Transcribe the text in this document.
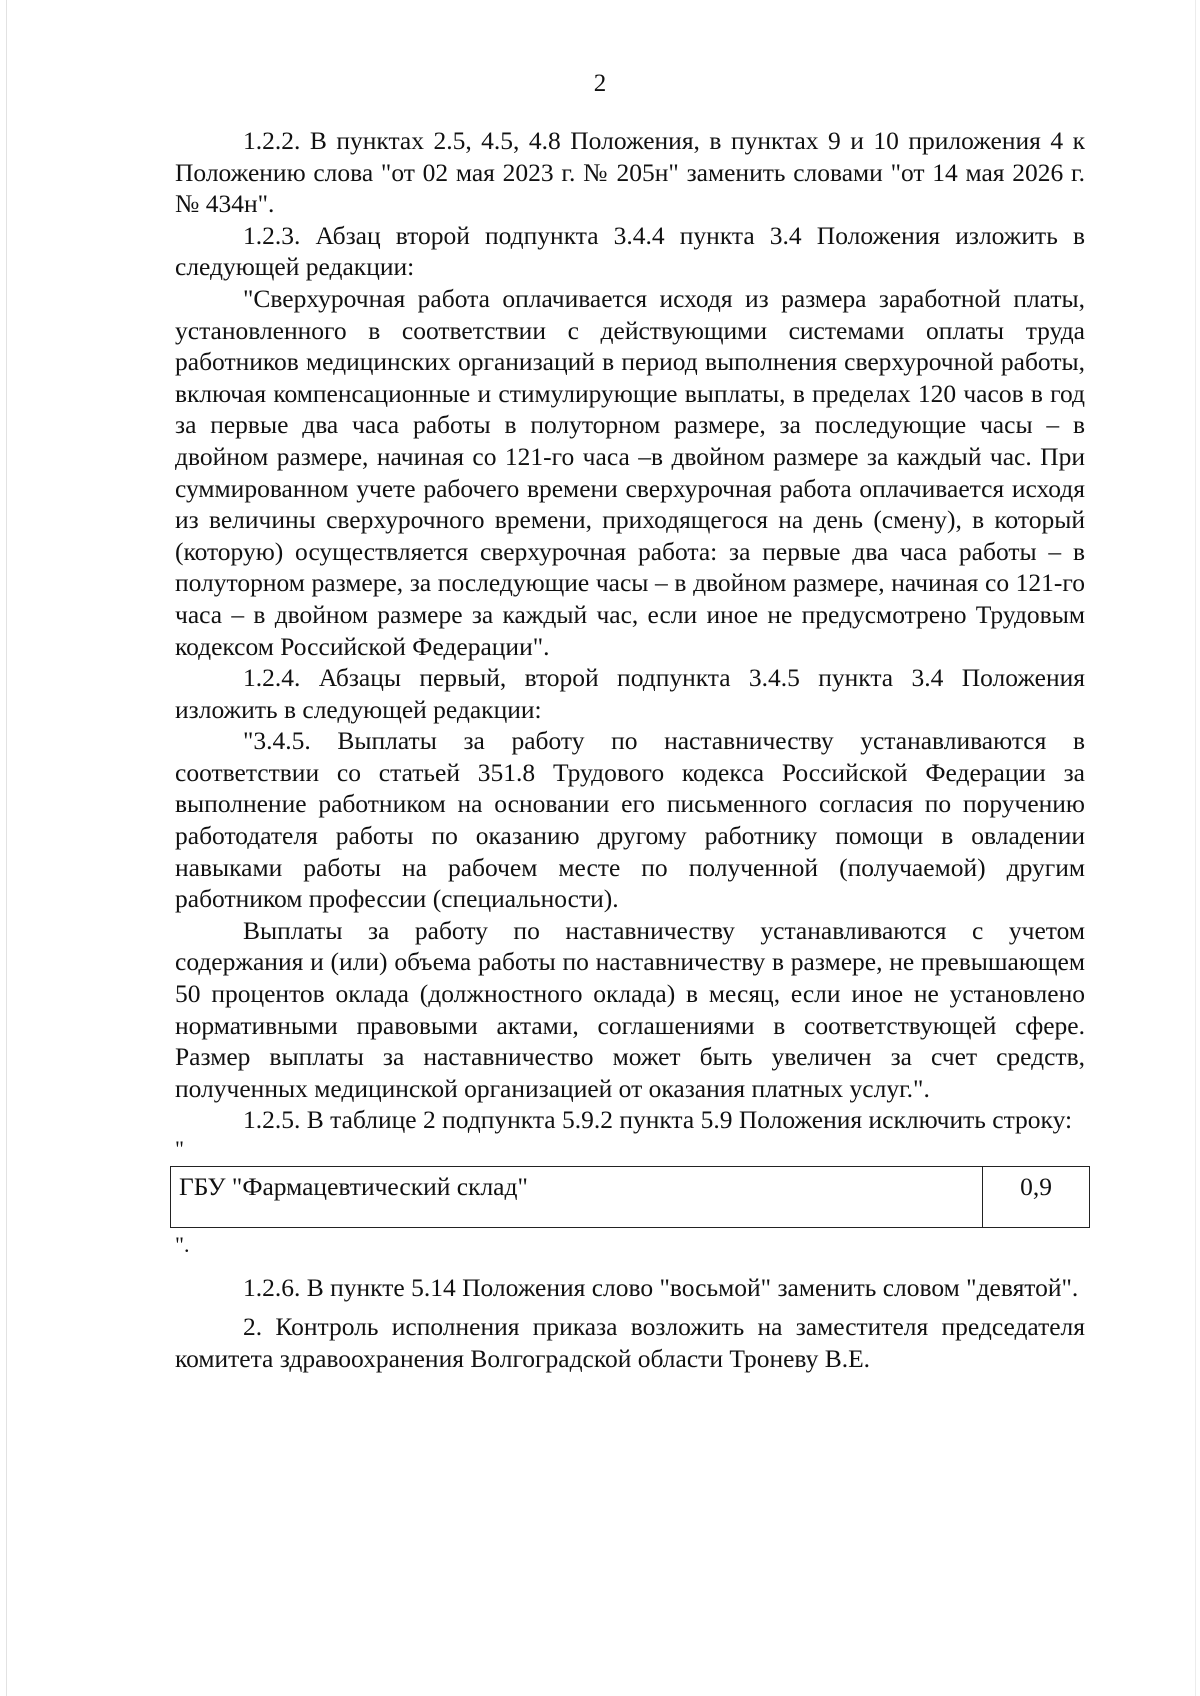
2

1.2.2. В пунктах 2.5, 4.5, 4.8 Положения, в пунктах 9 и 10 приложения 4 к Положению слова "от 02 мая 2023 г. № 205н" заменить словами "от 14 мая 2026 г. № 434н".

1.2.3. Абзац второй подпункта 3.4.4 пункта 3.4 Положения изложить в следующей редакции:

"Сверхурочная работа оплачивается исходя из размера заработной платы, установленного в соответствии с действующими системами оплаты труда работников медицинских организаций в период выполнения сверхурочной работы, включая компенсационные и стимулирующие выплаты, в пределах 120 часов в год за первые два часа работы в полуторном размере, за последующие часы – в двойном размере, начиная со 121-го часа –в двойном размере за каждый час. При суммированном учете рабочего времени сверхурочная работа оплачивается исходя из величины сверхурочного времени, приходящегося на день (смену), в который (которую) осуществляется сверхурочная работа: за первые два часа работы – в полуторном размере, за последующие часы – в двойном размере, начиная со 121-го часа – в двойном размере за каждый час, если иное не предусмотрено Трудовым кодексом Российской Федерации".

1.2.4. Абзацы первый, второй подпункта 3.4.5 пункта 3.4 Положения изложить в следующей редакции:

"3.4.5. Выплаты за работу по наставничеству устанавливаются в соответствии со статьей 351.8 Трудового кодекса Российской Федерации за выполнение работником на основании его письменного согласия по поручению работодателя работы по оказанию другому работнику помощи в овладении навыками работы на рабочем месте по полученной (получаемой) другим работником профессии (специальности).

Выплаты за работу по наставничеству устанавливаются с учетом содержания и (или) объема работы по наставничеству в размере, не превышающем 50 процентов оклада (должностного оклада) в месяц, если иное не установлено нормативными правовыми актами, соглашениями в соответствующей сфере. Размер выплаты за наставничество может быть увеличен за счет средств, полученных медицинской организацией от оказания платных услуг.".

1.2.5. В таблице 2 подпункта 5.9.2 пункта 5.9 Положения исключить строку:

"

ГБУ "Фармацевтический склад"	0,9

".

1.2.6. В пункте 5.14 Положения слово "восьмой" заменить словом "девятой".

2. Контроль исполнения приказа возложить на заместителя председателя комитета здравоохранения Волгоградской области Троневу В.Е.
